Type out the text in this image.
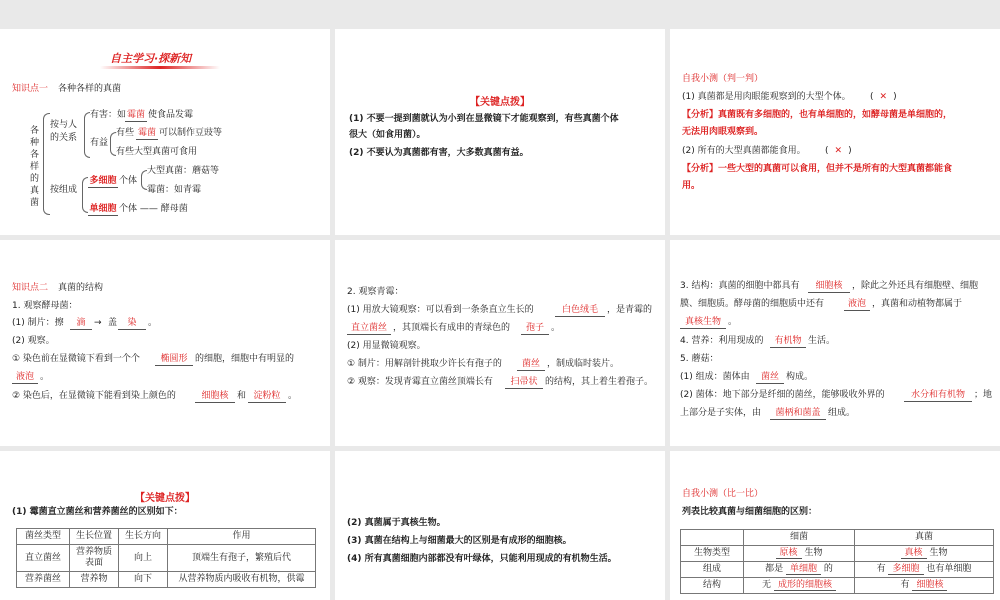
自主学习·探新知
知识点一 各种各样的真菌
各种各样的真菌
按与人的关系
有害：如 霉菌 使食品发霉
有益
有些 霉菌 可以制作豆豉等
有些大型真菌可食用
按组成
多细胞 个体
大型真菌：蘑菇等
霉菌：如青霉
单细胞 个体 —— 酵母菌
【关键点拨】
(1) 不要一提到菌就认为小到在显微镜下才能观察到，有些真菌个体
很大（如食用菌）。
(2) 不要认为真菌都有害，大多数真菌有益。
自我小测（判一判）
(1) 真菌都是用肉眼能观察到的大型个体。 ( ✕ )
【分析】真菌既有多细胞的，也有单细胞的，如酵母菌是单细胞的，
无法用肉眼观察到。
(2) 所有的大型真菌都能食用。 ( ✕ )
【分析】一些大型的真菌可以食用，但并不是所有的大型真菌都能食
用。
知识点二 真菌的结构
1. 观察酵母菌：
(1) 制片：擦	滴 → 盖	染	。
(2) 观察。
① 染色前在显微镜下看到一个个	椭圆形 的细胞，细胞中有明显的
液泡 。
② 染色后，在显微镜下能看到染上颜色的	细胞核 和 淀粉粒 。
2. 观察青霉：
(1) 用放大镜观察：可以看到一条条直立生长的	白色绒毛	，是青霉的
直立菌丝 ，其顶端长有成串的青绿色的	孢子 。
(2) 用显微镜观察。
① 制片：用解剖针挑取少许长有孢子的	菌丝 ，制成临时装片。
② 观察：发现青霉直立菌丝顶端长有	扫帚状 的结构，其上着生着孢子。
3. 结构：真菌的细胞中都具有	细胞核	，除此之外还具有细胞壁、细胞
膜、细胞质。酵母菌的细胞质中还有	液泡 ，真菌和动植物都属于
真核生物 。
4. 营养：利用现成的	有机物 生活。
5. 蘑菇：
(1) 组成：菌体由	菌丝 构成。
(2) 菌体：地下部分是纤细的菌丝，能够吸收外界的	水分和有机物	；地
上部分是子实体，由	菌柄和菌盖 组成。
【关键点拨】
(1) 霉菌直立菌丝和营养菌丝的区别如下：
菌丝类型	生长位置	生长方向	作用
直立菌丝	营养物质表面	向上	顶端生有孢子，繁殖后代
营养菌丝	营养物	向下	从营养物质内吸收有机物，供霉
(2) 真菌属于真核生物。
(3) 真菌在结构上与细菌最大的区别是有成形的细胞核。
(4) 所有真菌细胞内部都没有叶绿体，只能利用现成的有机物生活。
自我小测（比一比）
列表比较真菌与细菌细胞的区别：
	细菌	真菌
生物类型	原核 生物	真核 生物
组成	都是 单细胞 的	有 多细胞 也有单细胞
结构	无 成形的细胞核	有 细胞核
